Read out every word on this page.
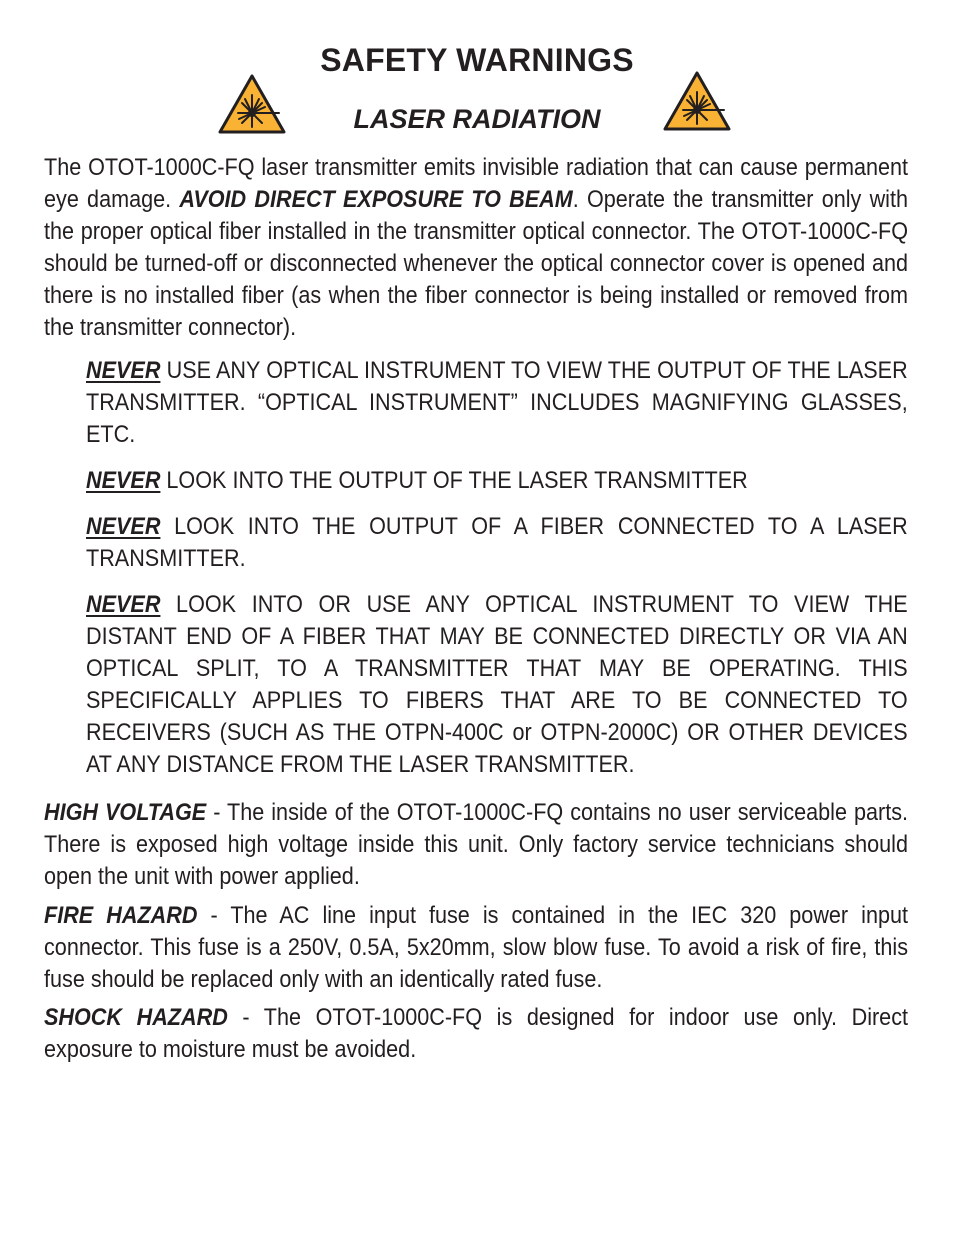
SAFETY WARNINGS
LASER RADIATION

The OTOT-1000C-FQ laser transmitter emits invisible radiation that can cause permanent eye damage. AVOID DIRECT EXPOSURE TO BEAM. Operate the transmitter only with the proper optical fiber installed in the transmitter optical connector. The OTOT-1000C-FQ should be turned-off or disconnected whenever the optical connector cover is opened and there is no installed fiber (as when the fiber connector is being installed or removed from the transmitter connector).

NEVER USE ANY OPTICAL INSTRUMENT TO VIEW THE OUTPUT OF THE LASER TRANSMITTER. “OPTICAL INSTRUMENT” INCLUDES MAGNIFYING GLASSES, ETC.

NEVER LOOK INTO THE OUTPUT OF THE LASER TRANSMITTER

NEVER LOOK INTO THE OUTPUT OF A FIBER CONNECTED TO A LASER TRANSMITTER.

NEVER LOOK INTO OR USE ANY OPTICAL INSTRUMENT TO VIEW THE DISTANT END OF A FIBER THAT MAY BE CONNECTED DIRECTLY OR VIA AN OPTICAL SPLIT, TO A TRANSMITTER THAT MAY BE OPERATING. THIS SPECIFICALLY APPLIES TO FIBERS THAT ARE TO BE CONNECTED TO RECEIVERS (SUCH AS THE OTPN-400C or OTPN-2000C) OR OTHER DEVICES AT ANY DISTANCE FROM THE LASER TRANSMITTER.

HIGH VOLTAGE - The inside of the OTOT-1000C-FQ contains no user serviceable parts. There is exposed high voltage inside this unit. Only factory service technicians should open the unit with power applied.

FIRE HAZARD - The AC line input fuse is contained in the IEC 320 power input connector. This fuse is a 250V, 0.5A, 5x20mm, slow blow fuse. To avoid a risk of fire, this fuse should be replaced only with an identically rated fuse.

SHOCK HAZARD - The OTOT-1000C-FQ is designed for indoor use only. Direct exposure to moisture must be avoided.
